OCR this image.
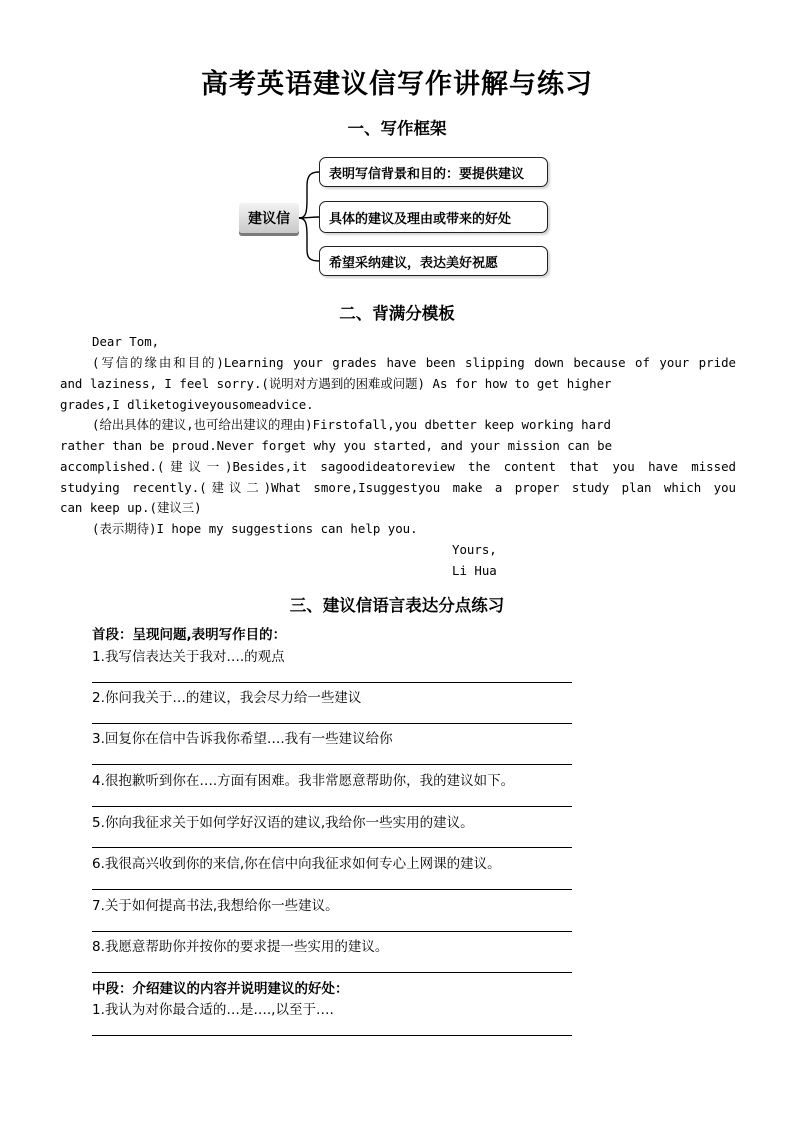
高考英语建议信写作讲解与练习
一、写作框架
建议信
表明写信背景和目的：要提供建议
具体的建议及理由或带来的好处
希望采纳建议，表达美好祝愿
二、背满分模板
Dear Tom,
(写信的缘由和目的)Learning your grades have been slipping down because of your pride
and laziness, I feel sorry.(说明对方遇到的困难或问题) As for how to get higher
grades,I dliketogiveyousomeadvice.
(给出具体的建议,也可给出建议的理由)Firstofall,you dbetter keep working hard
rather than be proud.Never forget why you started, and your mission can be
accomplished.(建议一)Besides,it sagoodideatoreview the content that you have missed
studying recently.(建议二)What smore,Isuggestyou make a proper study plan which you
can keep up.(建议三)
(表示期待)I hope my suggestions can help you.
Yours,
Li Hua
三、建议信语言表达分点练习
首段：呈现问题,表明写作目的：
1.我写信表达关于我对….的观点
2.你问我关于…的建议，我会尽力给一些建议
3.回复你在信中告诉我你希望….我有一些建议给你
4.很抱歉听到你在….方面有困难。我非常愿意帮助你，我的建议如下。
5.你向我征求关于如何学好汉语的建议,我给你一些实用的建议。
6.我很高兴收到你的来信,你在信中向我征求如何专心上网课的建议。
7.关于如何提高书法,我想给你一些建议。
8.我愿意帮助你并按你的要求提一些实用的建议。
中段：介绍建议的内容并说明建议的好处：
1.我认为对你最合适的…是….,以至于….
